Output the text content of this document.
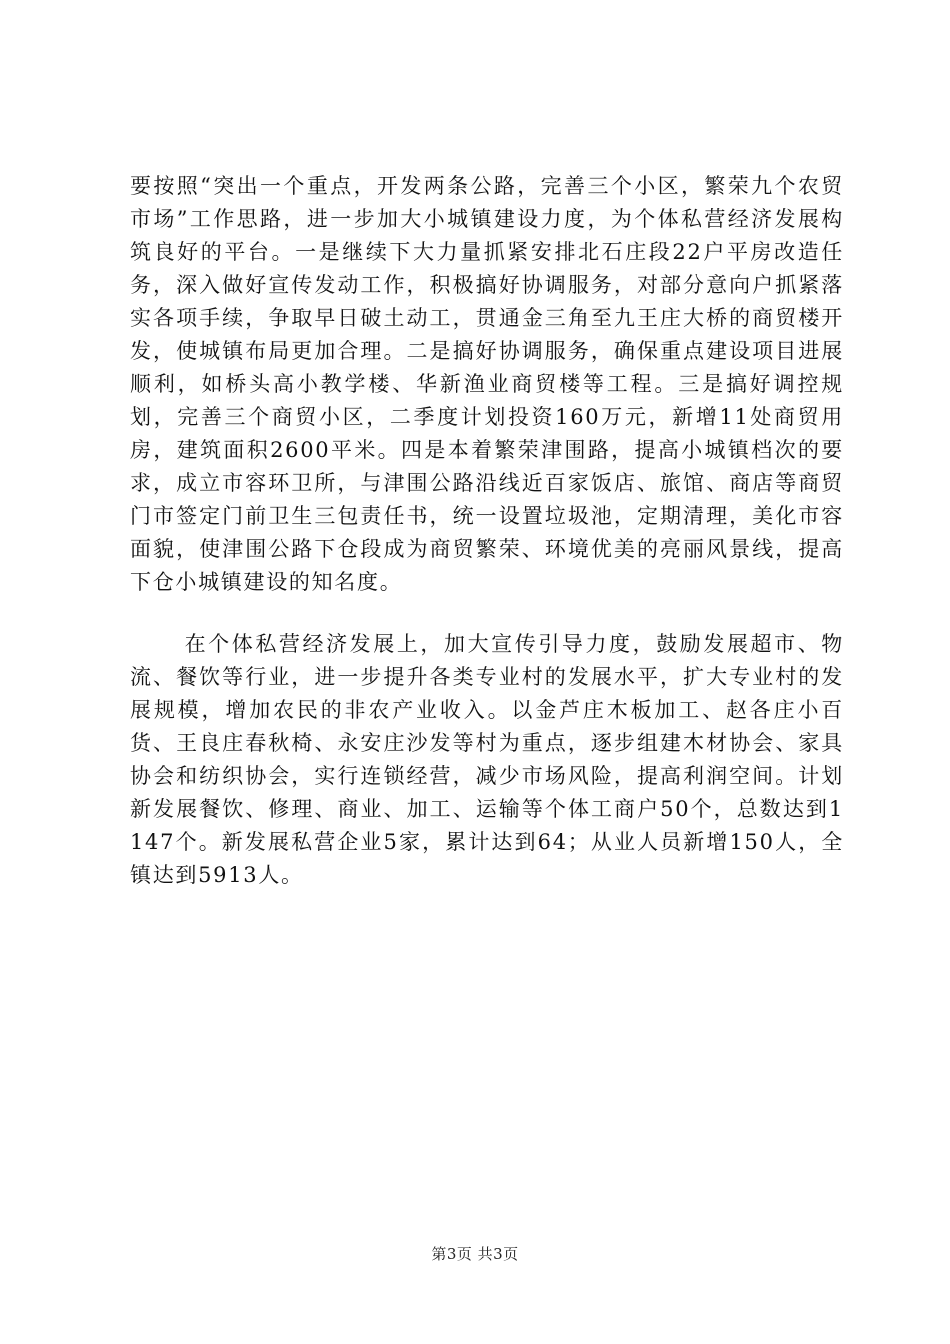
要按照“突出一个重点，开发两条公路，完善三个小区，繁荣九个农贸市场”工作思路，进一步加大小城镇建设力度，为个体私营经济发展构筑良好的平台。一是继续下大力量抓紧安排北石庄段22户平房改造任务，深入做好宣传发动工作，积极搞好协调服务，对部分意向户抓紧落实各项手续，争取早日破土动工，贯通金三角至九王庄大桥的商贸楼开发，使城镇布局更加合理。二是搞好协调服务，确保重点建设项目进展顺利，如桥头高小教学楼、华新渔业商贸楼等工程。三是搞好调控规划，完善三个商贸小区，二季度计划投资160万元，新增11处商贸用房，建筑面积2600平米。四是本着繁荣津围路，提高小城镇档次的要求，成立市容环卫所，与津围公路沿线近百家饭店、旅馆、商店等商贸门市签定门前卫生三包责任书，统一设置垃圾池，定期清理，美化市容面貌，使津围公路下仓段成为商贸繁荣、环境优美的亮丽风景线，提高下仓小城镇建设的知名度。

在个体私营经济发展上，加大宣传引导力度，鼓励发展超市、物流、餐饮等行业，进一步提升各类专业村的发展水平，扩大专业村的发展规模，增加农民的非农产业收入。以金芦庄木板加工、赵各庄小百货、王良庄春秋椅、永安庄沙发等村为重点，逐步组建木材协会、家具协会和纺织协会，实行连锁经营，减少市场风险，提高利润空间。计划新发展餐饮、修理、商业、加工、运输等个体工商户50个，总数达到1147个。新发展私营企业5家，累计达到64；从业人员新增150人，全镇达到5913人。

第3页 共3页
